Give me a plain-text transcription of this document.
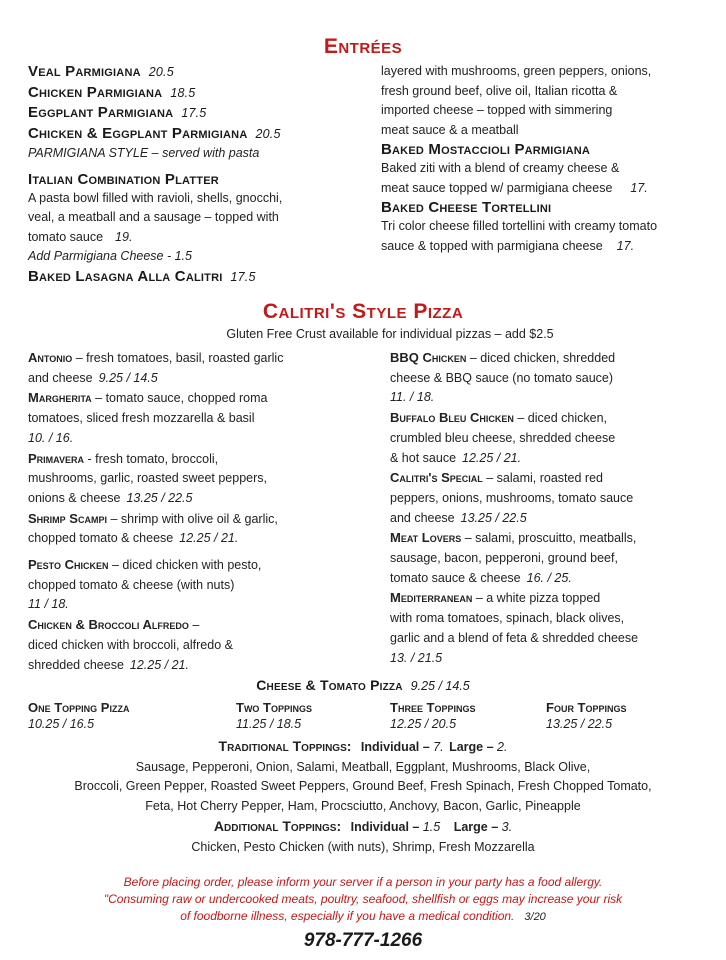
Entrées
Veal Parmigiana 20.5
Chicken Parmigiana 18.5
Eggplant Parmigiana 17.5
Chicken & Eggplant Parmigiana 20.5
PARMIGIANA STYLE – served with pasta
Italian Combination Platter
A pasta bowl filled with ravioli, shells, gnocchi,
veal, a meatball and a sausage – topped with
tomato sauce 19.
Add Parmigiana Cheese - 1.5
Baked Lasagna Alla Calitri 17.5
layered with mushrooms, green peppers, onions,
fresh ground beef, olive oil, Italian ricotta &
imported cheese – topped with simmering
meat sauce & a meatball
Baked Mostaccioli Parmigiana
Baked ziti with a blend of creamy cheese &
meat sauce topped w/ parmigiana cheese 17.
Baked Cheese Tortellini
Tri color cheese filled tortellini with creamy tomato
sauce & topped with parmigiana cheese 17.
Calitri's Style Pizza
Gluten Free Crust available for individual pizzas – add $2.5
Antonio – fresh tomatoes, basil, roasted garlic
and cheese 9.25 / 14.5
Margherita – tomato sauce, chopped roma
tomatoes, sliced fresh mozzarella & basil
10. / 16.
Primavera - fresh tomato, broccoli,
mushrooms, garlic, roasted sweet peppers,
onions & cheese 13.25 / 22.5
Shrimp Scampi – shrimp with olive oil & garlic,
chopped tomato & cheese 12.25 / 21.
Pesto Chicken – diced chicken with pesto,
chopped tomato & cheese (with nuts)
11 / 18.
Chicken & Broccoli Alfredo –
diced chicken with broccoli, alfredo &
shredded cheese 12.25 / 21.
BBQ Chicken – diced chicken, shredded
cheese & BBQ sauce (no tomato sauce)
11. / 18.
Buffalo Bleu Chicken – diced chicken,
crumbled bleu cheese, shredded cheese
& hot sauce 12.25 / 21.
Calitri's Special – salami, roasted red
peppers, onions, mushrooms, tomato sauce
and cheese 13.25 / 22.5
Meat Lovers – salami, proscuitto, meatballs,
sausage, bacon, pepperoni, ground beef,
tomato sauce & cheese 16. / 25.
Mediterranean – a white pizza topped
with roma tomatoes, spinach, black olives,
garlic and a blend of feta & shredded cheese
13. / 21.5
Cheese & Tomato Pizza 9.25 / 14.5
One Topping Pizza
10.25 / 16.5
Two Toppings
11.25 / 18.5
Three Toppings
12.25 / 20.5
Four Toppings
13.25 / 22.5
Traditional Toppings: Individual – 7. Large – 2.
Sausage, Pepperoni, Onion, Salami, Meatball, Eggplant, Mushrooms, Black Olive,
Broccoli, Green Pepper, Roasted Sweet Peppers, Ground Beef, Fresh Spinach, Fresh Chopped Tomato,
Feta, Hot Cherry Pepper, Ham, Procsciutto, Anchovy, Bacon, Garlic, Pineapple
Additional Toppings: Individual – 1.5 Large – 3.
Chicken, Pesto Chicken (with nuts), Shrimp, Fresh Mozzarella
Before placing order, please inform your server if a person in your party has a food allergy.
"Consuming raw or undercooked meats, poultry, seafood, shellfish or eggs may increase your risk
of foodborne illness, especially if you have a medical condition. 3/20
978-777-1266
